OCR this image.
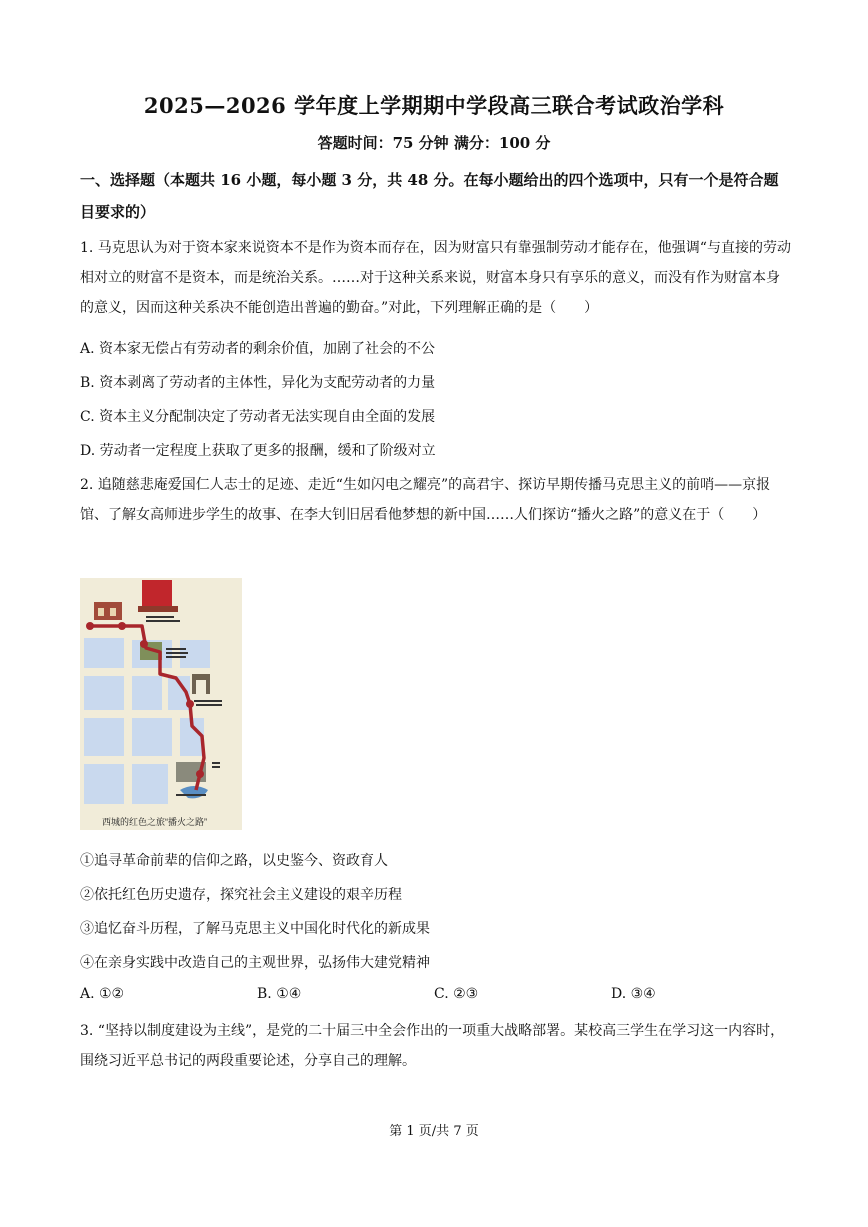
2025—2026 学年度上学期期中学段高三联合考试政治学科
答题时间：75 分钟 满分：100 分
一、选择题（本题共 16 小题，每小题 3 分，共 48 分。在每小题给出的四个选项中，只有一个是符合题目要求的）
1. 马克思认为对于资本家来说资本不是作为资本而存在，因为财富只有靠强制劳动才能存在，他强调“与直接的劳动相对立的财富不是资本，而是统治关系。……对于这种关系来说，财富本身只有享乐的意义，而没有作为财富本身的意义，因而这种关系决不能创造出普遍的勤奋。”对此，下列理解正确的是（　　）
A. 资本家无偿占有劳动者的剩余价值，加剧了社会的不公
B. 资本剥离了劳动者的主体性，异化为支配劳动者的力量
C. 资本主义分配制决定了劳动者无法实现自由全面的发展
D. 劳动者一定程度上获取了更多的报酬，缓和了阶级对立
2. 追随慈悲庵爱国仁人志士的足迹、走近“生如闪电之耀亮”的高君宇、探访早期传播马克思主义的前哨——京报馆、了解女高师进步学生的故事、在李大钊旧居看他梦想的新中国……人们探访“播火之路”的意义在于（　　）
西城的红色之旅“播火之路”
①追寻革命前辈的信仰之路，以史鉴今、资政育人
②依托红色历史遗存，探究社会主义建设的艰辛历程
③追忆奋斗历程，了解马克思主义中国化时代化的新成果
④在亲身实践中改造自己的主观世界，弘扬伟大建党精神
A. ①②	B. ①④	C. ②③	D. ③④
3. “坚持以制度建设为主线”，是党的二十届三中全会作出的一项重大战略部署。某校高三学生在学习这一内容时，围绕习近平总书记的两段重要论述，分享自己的理解。
第 1 页/共 7 页
